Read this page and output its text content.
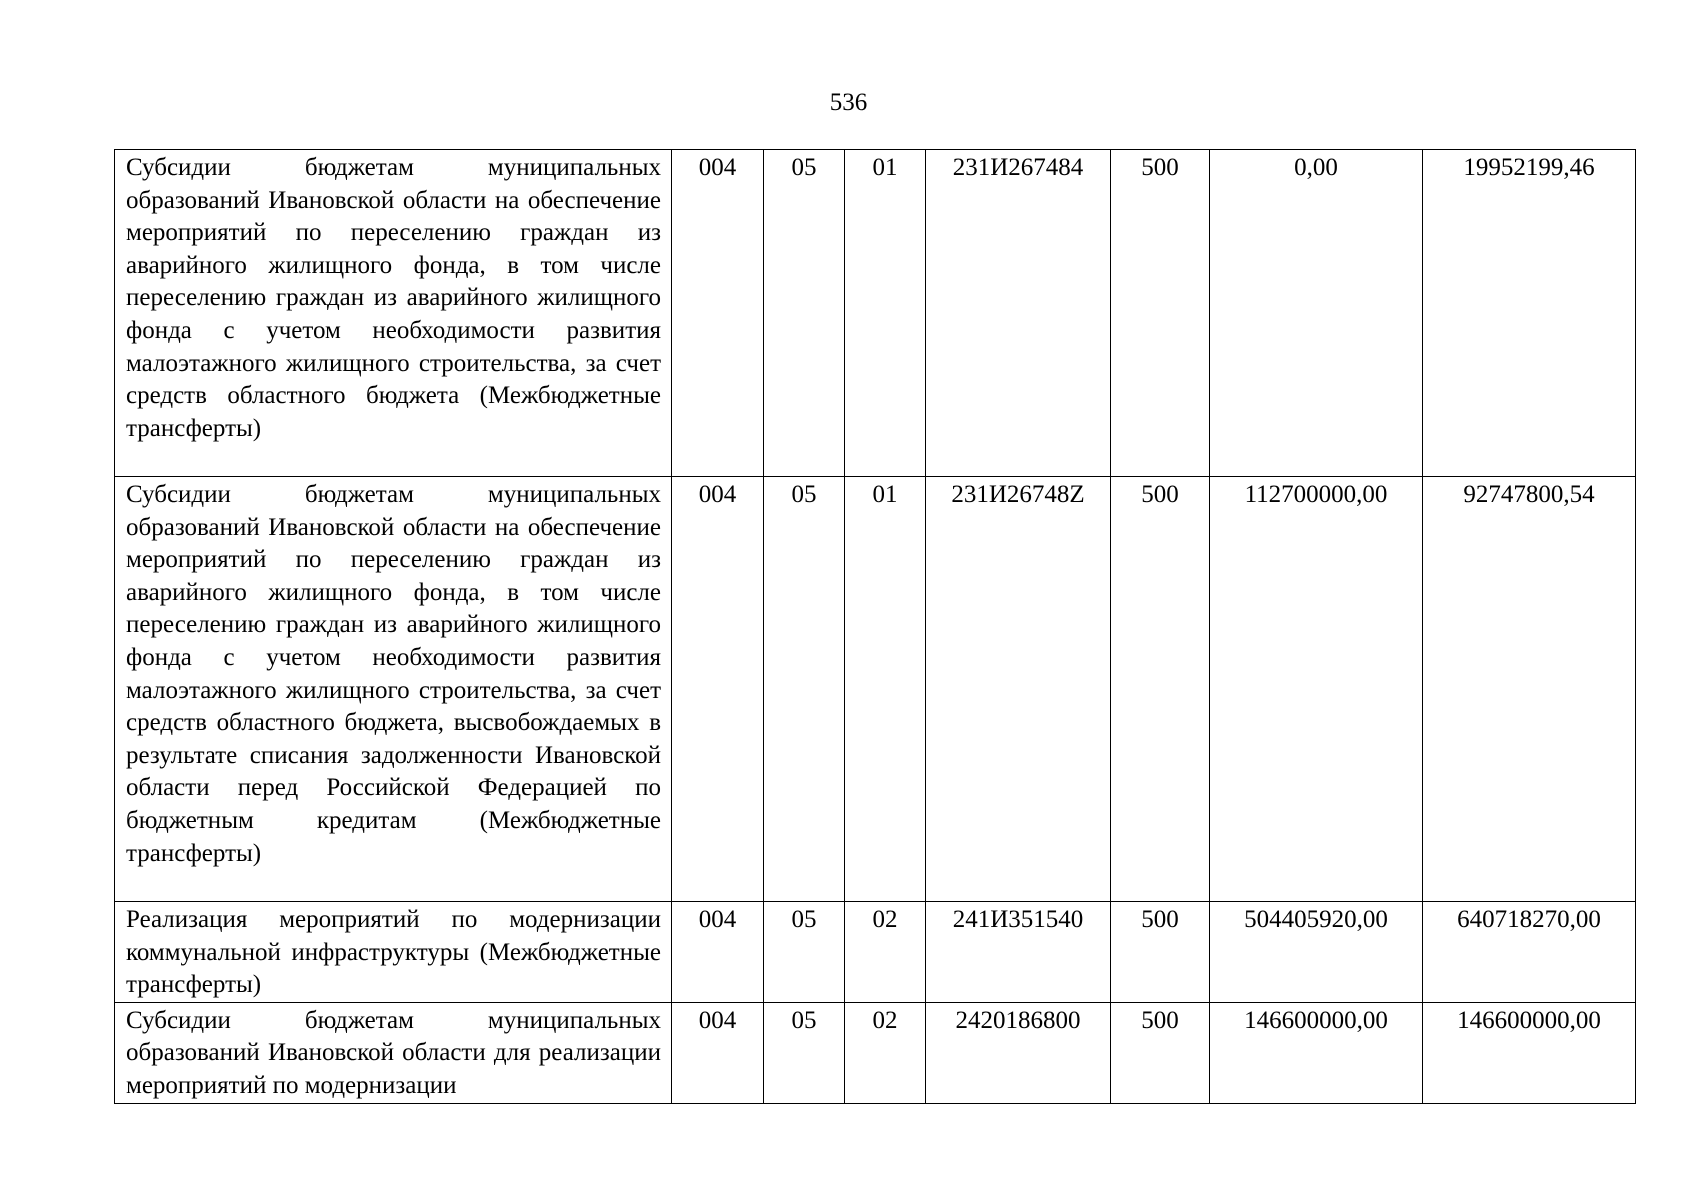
536
Субсидии бюджетам муниципальных образований Ивановской области на обеспечение мероприятий по переселению граждан из аварийного жилищного фонда, в том числе переселению граждан из аварийного жилищного фонда с учетом необходимости развития малоэтажного жилищного строительства, за счет средств областного бюджета (Межбюджетные трансферты)	004	05	01	231И267484	500	0,00	19952199,46
Субсидии бюджетам муниципальных образований Ивановской области на обеспечение мероприятий по переселению граждан из аварийного жилищного фонда, в том числе переселению граждан из аварийного жилищного фонда с учетом необходимости развития малоэтажного жилищного строительства, за счет средств областного бюджета, высвобождаемых в результате списания задолженности Ивановской области перед Российской Федерацией по бюджетным кредитам (Межбюджетные трансферты)	004	05	01	231И26748Z	500	112700000,00	92747800,54
Реализация мероприятий по модернизации коммунальной инфраструктуры (Межбюджетные трансферты)	004	05	02	241И351540	500	504405920,00	640718270,00
Субсидии бюджетам муниципальных образований Ивановской области для реализации мероприятий по модернизации	004	05	02	2420186800	500	146600000,00	146600000,00
